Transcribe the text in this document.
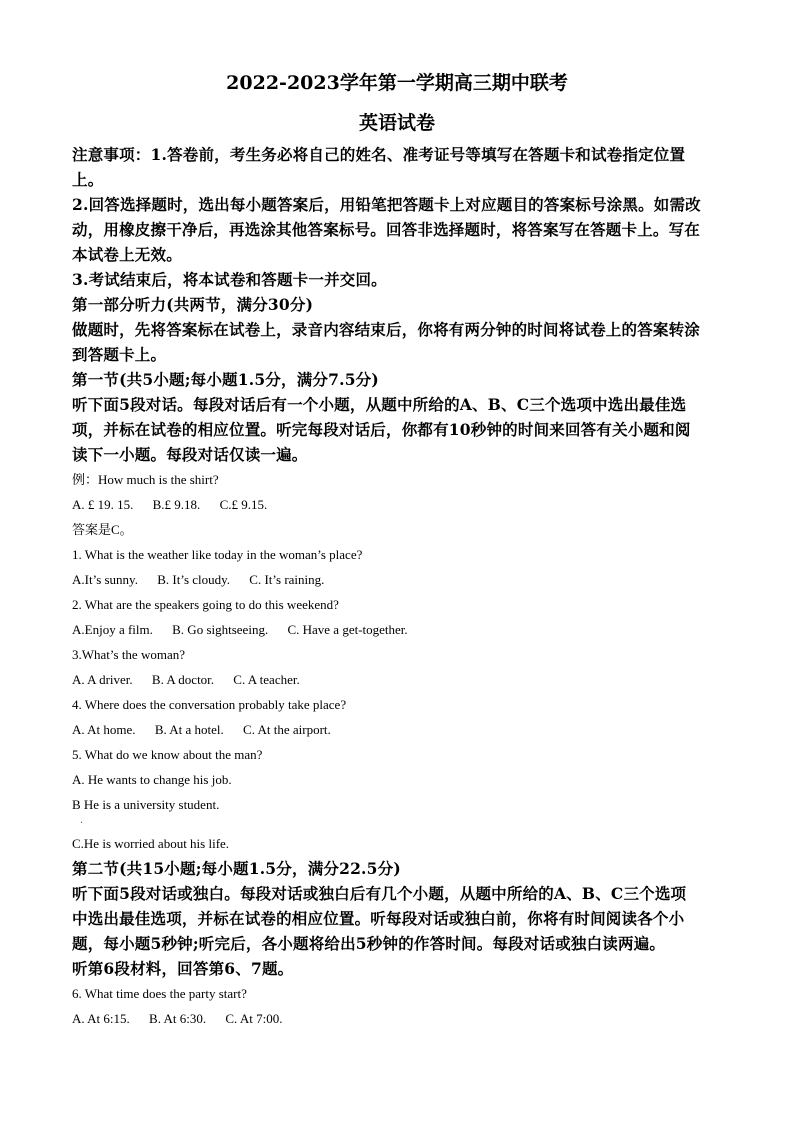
2022-2023学年第一学期高三期中联考
英语试卷

注意事项：1.答卷前，考生务必将自己的姓名、准考证号等填写在答题卡和试卷指定位置

上。

2.回答选择题时，选出每小题答案后，用铅笔把答题卡上对应题目的答案标号涂黑。如需改

动，用橡皮擦干净后，再选涂其他答案标号。回答非选择题时，将答案写在答题卡上。写在

本试卷上无效。

3.考试结束后，将本试卷和答题卡一并交回。

第一部分听力(共两节，满分30分)

做题时，先将答案标在试卷上，录音内容结束后，你将有两分钟的时间将试卷上的答案转涂

到答题卡上。

第一节(共5小题;每小题1.5分，满分7.5分)

听下面5段对话。每段对话后有一个小题，从题中所给的A、B、C三个选项中选出最佳选

项，并标在试卷的相应位置。听完每段对话后，你都有10秒钟的时间来回答有关小题和阅

读下一小题。每段对话仅读一遍。

例：How much is the shirt?

A. £ 19. 15. B.£ 9.18. C.£ 9.15.

答案是C。

1. What is the weather like today in the woman’s place?

A.It’s sunny. B. It’s cloudy. C. It’s raining.

2. What are the speakers going to do this weekend?

A.Enjoy a film. B. Go sightseeing. C. Have a get-together.

3.What’s the woman?

A. A driver. B. A doctor. C. A teacher.

4. Where does the conversation probably take place?

A. At home. B. At a hotel. C. At the airport.

5. What do we know about the man?

A. He wants to change his job.

B He is a university student.

·

C.He is worried about his life.

第二节(共15小题;每小题1.5分，满分22.5分)

听下面5段对话或独白。每段对话或独白后有几个小题，从题中所给的A、B、C三个选项

中选出最佳选项，并标在试卷的相应位置。听每段对话或独白前，你将有时间阅读各个小

题，每小题5秒钟;听完后，各小题将给出5秒钟的作答时间。每段对话或独白读两遍。

听第6段材料，回答第6、7题。

6. What time does the party start?

A. At 6:15. B. At 6:30. C. At 7:00.
